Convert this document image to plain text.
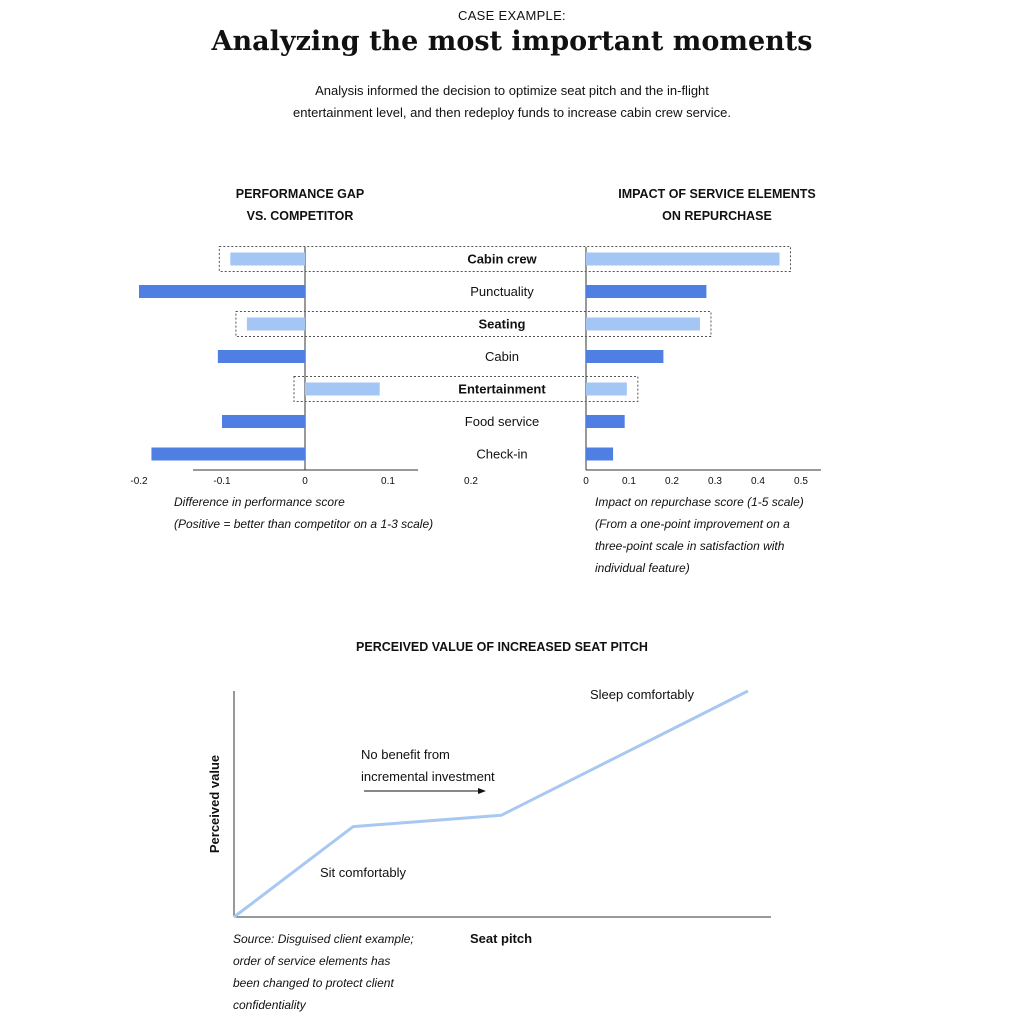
CASE EXAMPLE:
Analyzing the most important moments
Analysis informed the decision to optimize seat pitch and the in-flight
entertainment level, and then redeploy funds to increase cabin crew service.
PERFORMANCE GAP
VS. COMPETITOR
IMPACT OF SERVICE ELEMENTS
ON REPURCHASE
Cabin crew
Punctuality
Seating
Cabin
Entertainment
Food service
Check-in
-0.2	-0.1	0	0.1	0.2	0	0.1	0.2	0.3	0.4	0.5
Difference in performance score
(Positive = better than competitor on a 1-3 scale)
Impact on repurchase score (1-5 scale)
(From a one-point improvement on a
three-point scale in satisfaction with
individual feature)
PERCEIVED VALUE OF INCREASED SEAT PITCH
Perceived value
Seat pitch
Sit comfortably
Sleep comfortably
No benefit from
incremental investment
Source: Disguised client example;
order of service elements has
been changed to protect client
confidentiality
